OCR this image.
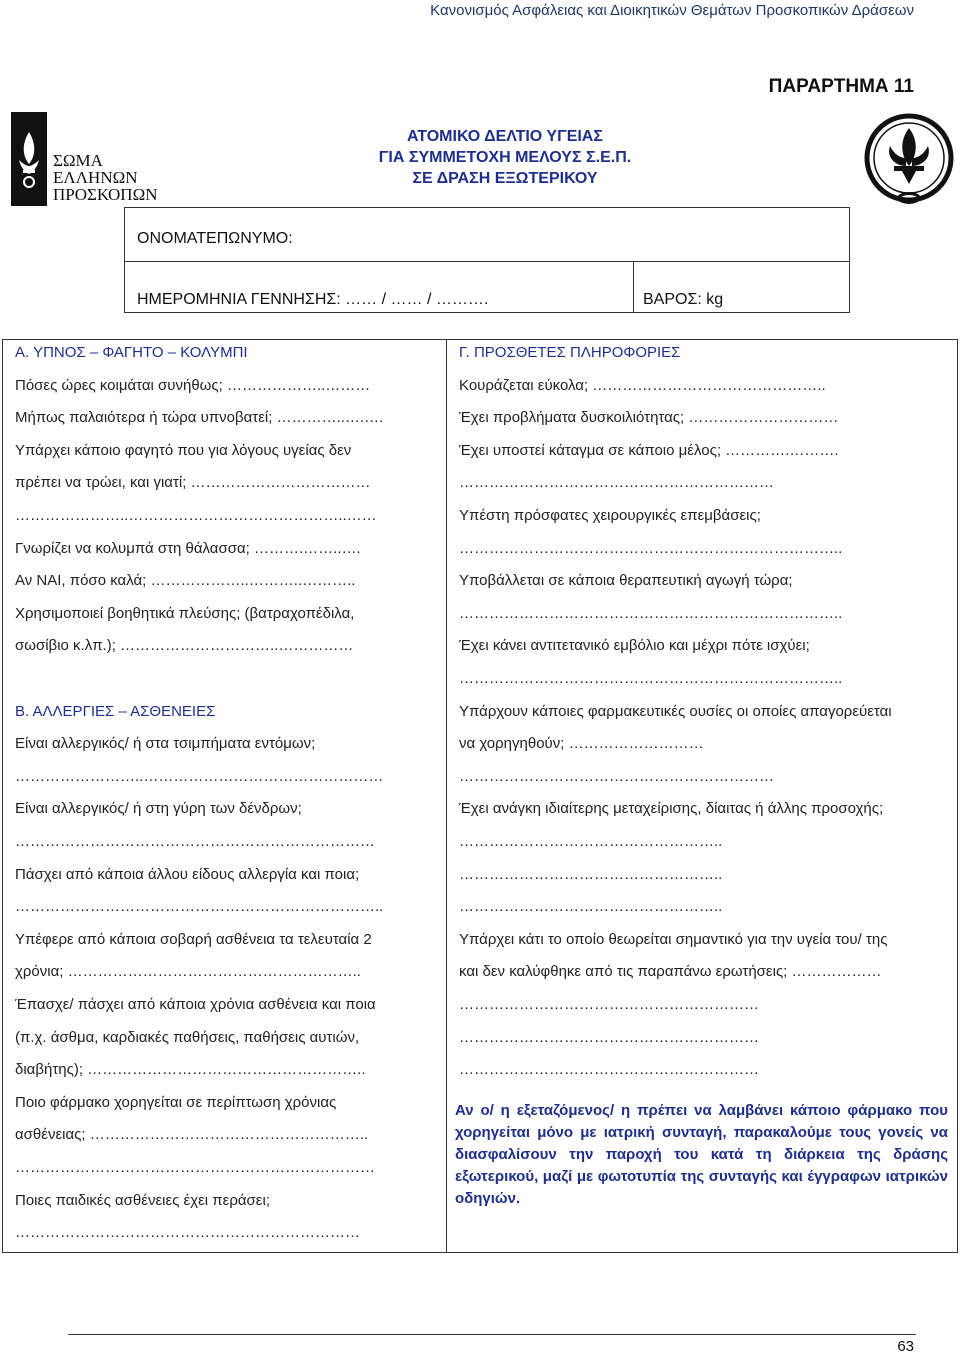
Κανονισμός Ασφάλειας και Διοικητικών Θεμάτων Προσκοπικών Δράσεων
ΠΑΡΑΡΤΗΜΑ 11
ΣΩΜΑ
ΕΛΛΗΝΩΝ
ΠΡΟΣΚΟΠΩΝ
ΑΤΟΜΙΚΟ ΔΕΛΤΙΟ ΥΓΕΙΑΣ
ΓΙΑ ΣΥΜΜΕΤΟΧΗ ΜΕΛΟΥΣ Σ.Ε.Π.
ΣΕ ΔΡΑΣΗ ΕΞΩΤΕΡΙΚΟΥ
ΟΝΟΜΑΤΕΠΩΝΥΜΟ:
ΗΜΕΡΟΜΗΝΙΑ ΓΕΝΝΗΣΗΣ: …… / …… / ……….	ΒΑΡΟΣ: kg
Α. ΥΠΝΟΣ – ΦΑΓΗΤΟ – ΚΟΛΥΜΠΙ
Πόσες ώρες κοιμάται συνήθως; ………………..………
Μήπως παλαιότερα ή τώρα υπνοβατεί; …………..….….
Υπάρχει κάποιο φαγητό που για λόγους υγείας δεν
πρέπει να τρώει, και γιατί; ………………………………
…………………..……………………………………..……
Γνωρίζει να κολυμπά στη θάλασσα; ……….……..….
Αν ΝΑΙ, πόσο καλά; ………………..………..………..
Χρησιμοποιεί βοηθητικά πλεύσης; (βατραχοπέδιλα,
σωσίβιο κ.λπ.); …………………………..……………
Β. ΑΛΛΕΡΓΙΕΣ – ΑΣΘΕΝΕΙΕΣ
Είναι αλλεργικός/ ή στα τσιμπήματα εντόμων;
……………………..…………………………………………
Είναι αλλεργικός/ ή στη γύρη των δένδρων;
………………………………………………………………
Πάσχει από κάποια άλλου είδους αλλεργία και ποια;
………………………………………………………………..
Υπέφερε από κάποια σοβαρή ασθένεια τα τελευταία 2
χρόνια; …………………………………………………..
Έπασχε/ πάσχει από κάποια χρόνια ασθένεια και ποια
(π.χ. άσθμα, καρδιακές παθήσεις, παθήσεις αυτιών,
διαβήτης); ………………………………………………..
Ποιο φάρμακο χορηγείται σε περίπτωση χρόνιας
ασθένειας; ………………………………………………..
………………………………………………………………
Ποιες παιδικές ασθένειες έχει περάσει;
……………………………………………………………
Γ. ΠΡΟΣΘΕΤΕΣ ΠΛΗΡΟΦΟΡΙΕΣ
Κουράζεται εύκολα; ………………………………………..
Έχει προβλήματα δυσκοιλιότητας; …………………………
Έχει υποστεί κάταγμα σε κάποιο μέλος; ………….……….
………………………………………………………
Υπέστη πρόσφατες χειρουργικές επεμβάσεις;
…………………………………………………………………..
Υποβάλλεται σε κάποια θεραπευτική αγωγή τώρα;
…………………………………………………………………..
Έχει κάνει αντιτετανικό εμβόλιο και μέχρι πότε ισχύει;
…………………………………………………………………..
Υπάρχουν κάποιες φαρμακευτικές ουσίες οι οποίες απαγορεύεται
να χορηγηθούν; ………………………
………………………………………………………
Έχει ανάγκη ιδιαίτερης μεταχείρισης, δίαιτας ή άλλης προσοχής;
……………………………………………..
……………………………………………..
……………………………………………..
Υπάρχει κάτι το οποίο θεωρείται σημαντικό για την υγεία του/ της
και δεν καλύφθηκε από τις παραπάνω ερωτήσεις; ………………
……………………………………………………
……………………………………………………
……………………………………………………
Αν ο/ η εξεταζόμενος/ η πρέπει να λαμβάνει κάποιο φάρμακο που χορηγείται μόνο με ιατρική συνταγή, παρακαλούμε τους γονείς να διασφαλίσουν την παροχή του κατά τη διάρκεια της δράσης εξωτερικού, μαζί με φωτοτυπία της συνταγής και έγγραφων ιατρικών οδηγιών.
63
